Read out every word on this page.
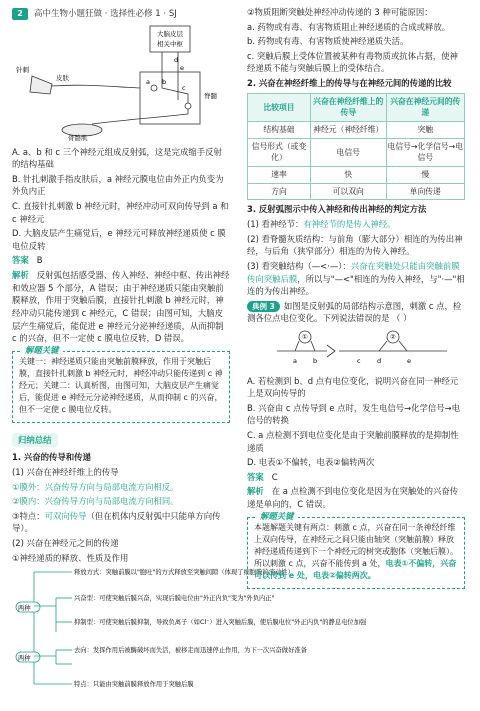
2	高中生物小题狂做 · 选择性必修 1 · SJ
大脑皮层
相关中枢
针刺
皮肤	a b
c
d
e
脊髓
骨骼肌

A. a、b 和 c 三个神经元组成反射弧，这是完成缩手反射的结构基础

B. 针扎刺激手指皮肤后，a 神经元膜电位由外正内负变为外负内正

C. 直接针扎刺激 b 神经元时，神经冲动可双向传导到 a 和 c 神经元

D. 大脑皮层产生痛觉后，e 神经元可释放神经递质使 c 膜电位反转

答案 B

解析 反射弧包括感受器、传入神经、神经中枢、传出神经和效应器 5 个部分，A 错误；由于神经递质只能由突触前膜释放，作用于突触后膜，直接针扎刺激 b 神经元时，神经冲动只能传递到 c 神经元，C 错误；由图可知，大脑皮层产生痛觉后，能促进 e 神经元分泌神经递质，从而抑制 c 的兴奋，但不一定使 c 膜电位反转，D 错误。

解题关键

关键一：神经递质只能由突触前膜释放，作用于突触后膜，直接针扎刺激 b 神经元时，神经冲动只能传递到 c 神经元；关键二：认真析图，由图可知，大脑皮层产生痛觉后，能促进 e 神经元分泌神经递质，从而抑制 c 的兴奋，但不一定使 c 膜电位反转。

归纳总结

1. 兴奋的传导和传递

(1) 兴奋在神经纤维上的传导

①膜外：兴奋传导方向与局部电流方向相反。

②膜内：兴奋传导方向与局部电流方向相同。

③特点：可双向传导（但在机体内反射弧中只能单方向传导）。

(2) 兴奋在神经元之间的传递

①神经递质的释放、性质及作用

两种
两种
释放方式：突触前膜以"胞吐"的方式释放至突触间隙（体现了细胞膜的流动性）
兴奋型：可使突触后膜兴奋，实现后膜电位由"外正内负"变为"外负内正"
抑制型：可使突触后膜抑制，导致负离子（如Cl⁻）进入突触后膜，使后膜电位"外正内负"的静息电位加强
去向：发挥作用后被酶破坏而失活，被移走而迅速停止作用，为下一次兴奋做好准备
特点：只能由突触前膜释放作用于突触后膜

②物质阻断突触处神经冲动传递的 3 种可能原因：

a. 药物或有毒、有害物质阻止神经递质的合成或释放。

b. 药物或有毒、有害物质使神经递质失活。

c. 突触后膜上受体位置被某种有毒物质或抗体占据，使神经递质不能与突触后膜上的受体结合。

2. 兴奋在神经纤维上的传导与在神经元间的传递的比较

比较项目	兴奋在神经纤维上的传导	兴奋在神经元间的传递
结构基础	神经元（神经纤维）	突触
信号形式（或变化）	电信号	电信号→化学信号→电信号
速率	快	慢
方向	可以双向	单向传递

3. 反射弧图示中传入神经和传出神经的判定方法

(1) 看神经节：有神经节的是传入神经。

(2) 看脊髓灰质结构：与前角（膨大部分）相连的为传出神经，与后角（狭窄部分）相连的为传入神经。

(3) 看突触结构（—<·—）：兴奋在突触处只能由突触前膜传向突触后膜，所以与"—<"相连的为传入神经，与"·—"相连的为传出神经。

典例 3 如图是反射弧的局部结构示意图，刺激 c 点，检测各位点电位变化。下列说法错误的是 （ ）

①	②
a b	c	d	e

A. 若检测到 b、d 点有电位变化，说明兴奋在同一神经元上是双向传导的

B. 兴奋由 c 点传导到 e 点时，发生电信号→化学信号→电信号的转换

C. a 点检测不到电位变化是由于突触前膜释放的是抑制性递质

D. 电表①不偏转，电表②偏转两次

答案 C

解析 在 a 点检测不到电位变化是因为在突触处的兴奋传递是单向的，C 错误。

解题关键

本题解题关键有两点：刺激 c 点，兴奋在同一条神经纤维上双向传导，在神经元之间只能由轴突（突触前膜）释放神经递质传递到下一个神经元的树突或胞体（突触后膜）。所以刺激 c 点，兴奋不能传到 a 处，电表①不偏转，兴奋可以传到 e 处，电表②偏转两次。
